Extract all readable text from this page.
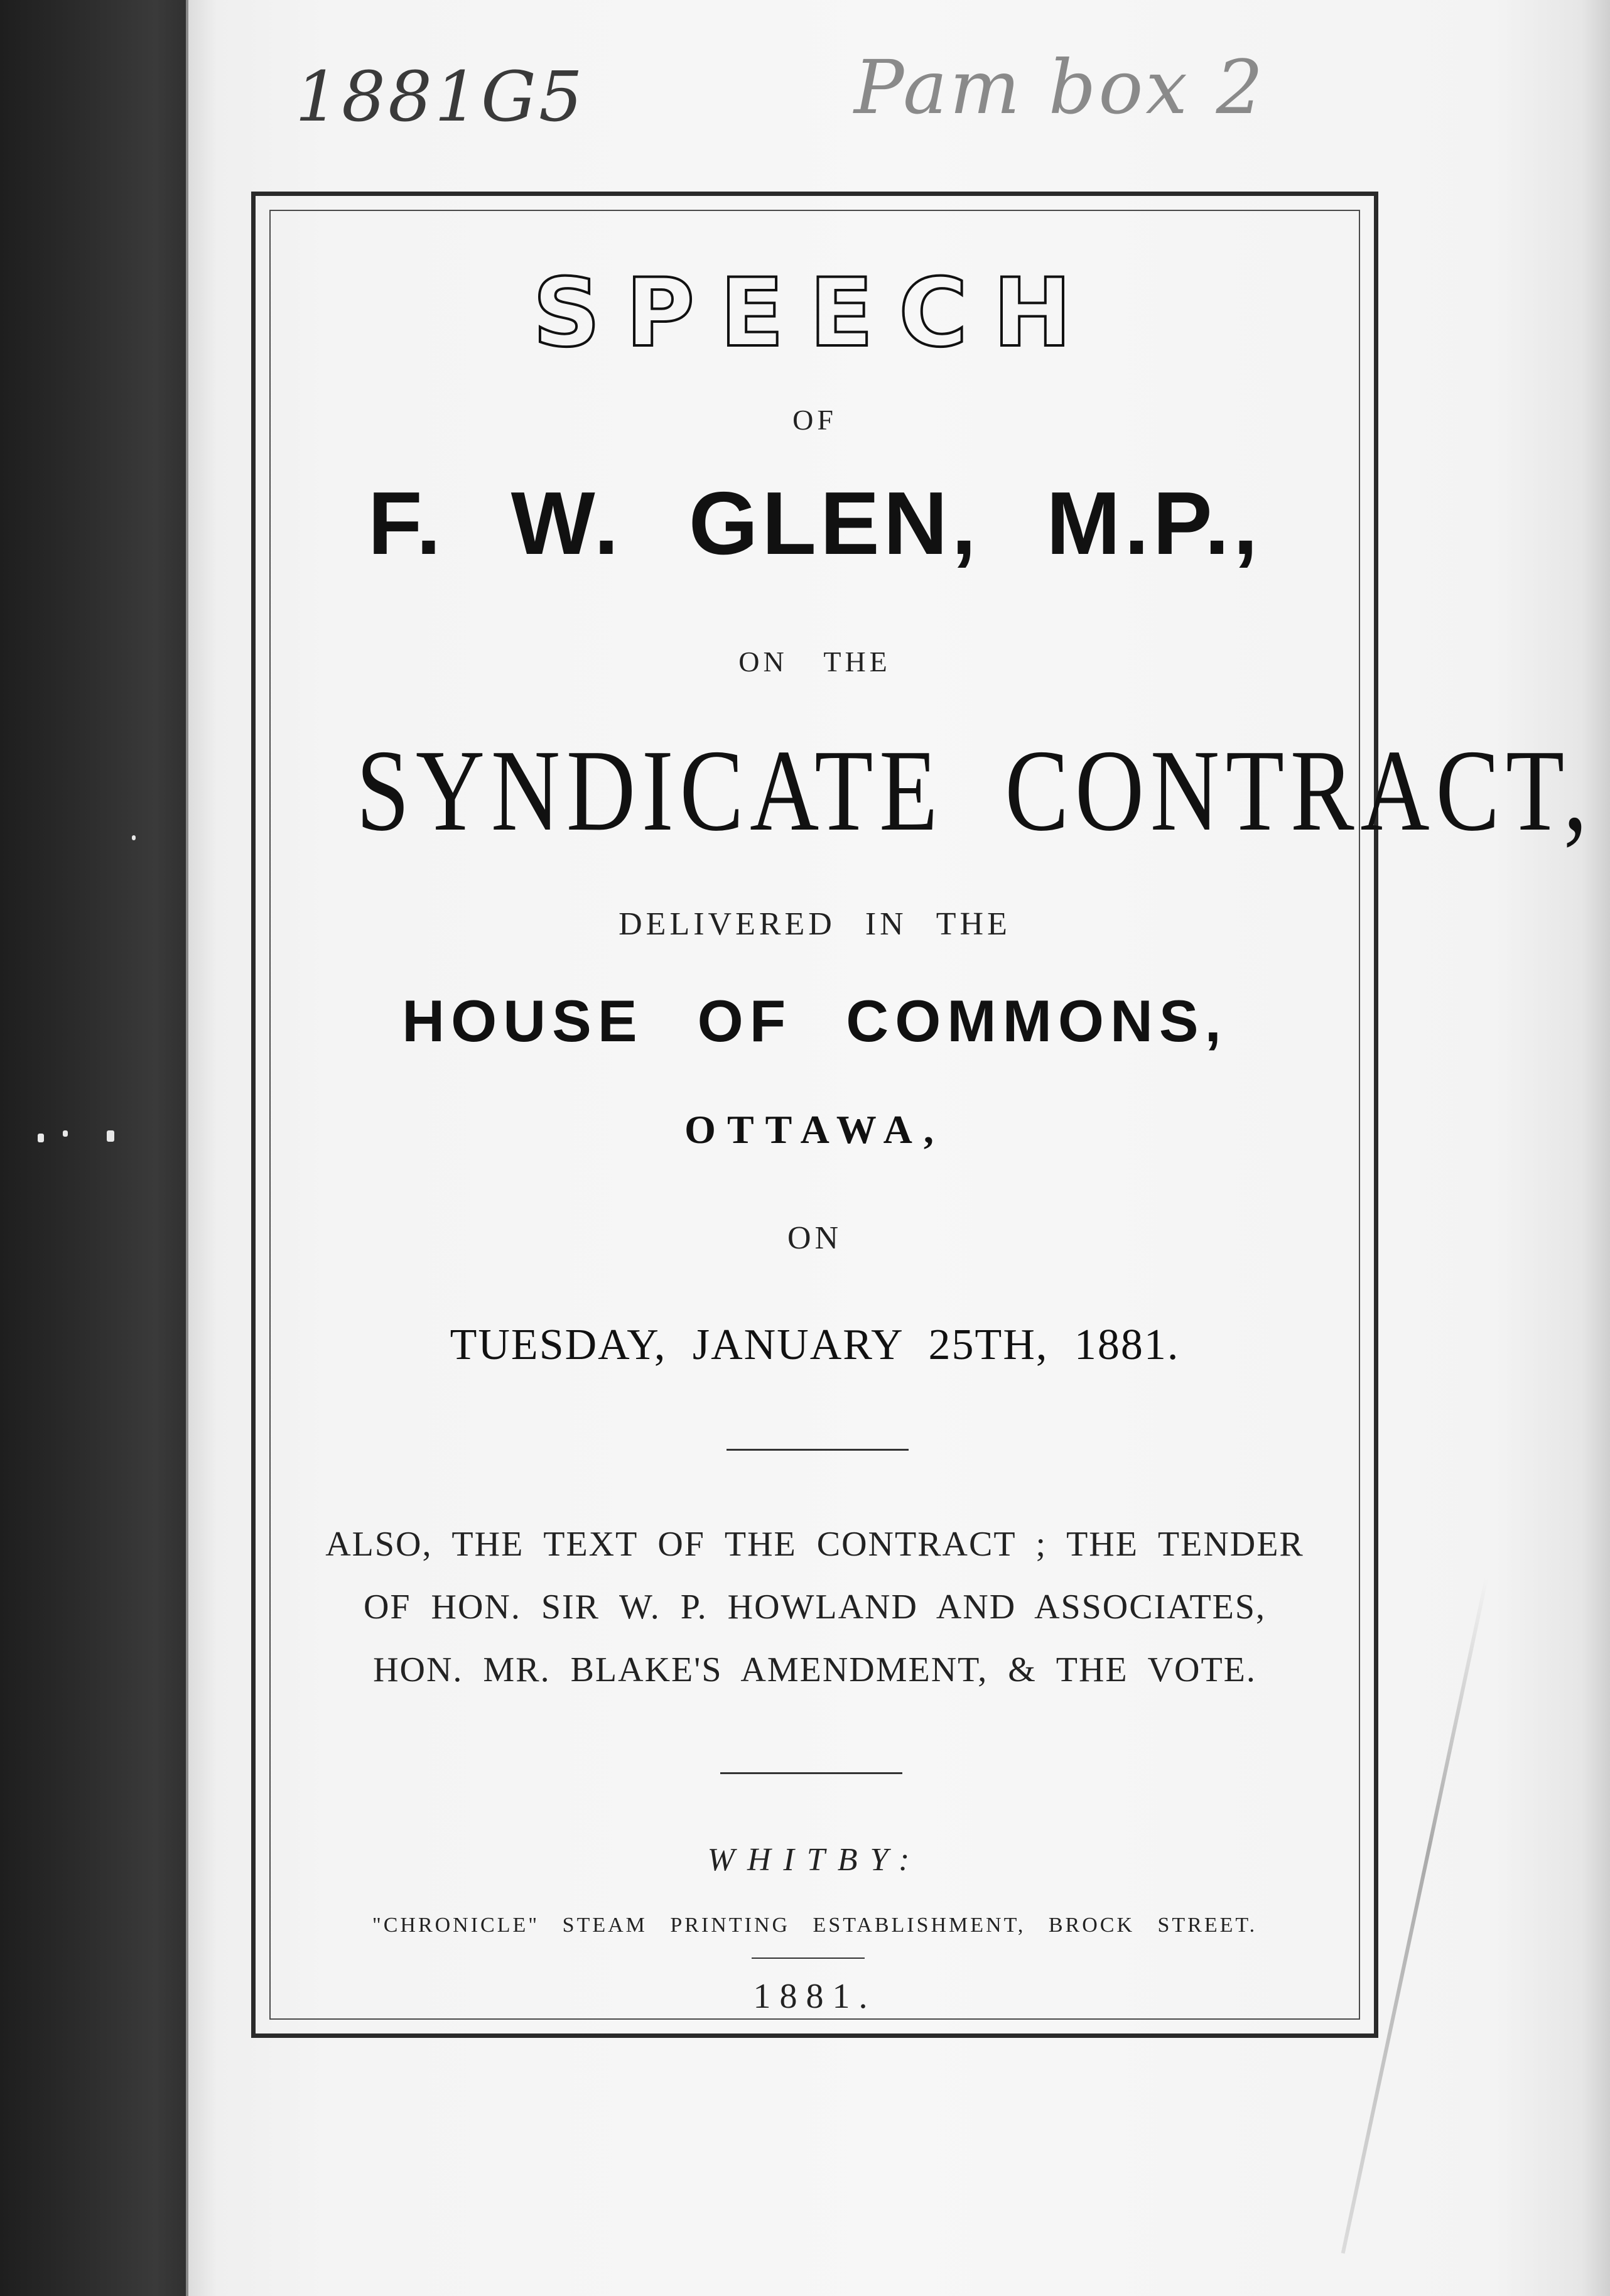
1881G5	Pam box 2
SPEECH
OF
F. W. GLEN, M.P.,
ON THE
SYNDICATE CONTRACT,
DELIVERED IN THE
HOUSE OF COMMONS,
OTTAWA,
ON
TUESDAY, JANUARY 25TH, 1881.
ALSO, THE TEXT OF THE CONTRACT ; THE TENDER
OF HON. SIR W. P. HOWLAND AND ASSOCIATES,
HON. MR. BLAKE'S AMENDMENT, & THE VOTE.
WHITBY:
"CHRONICLE" STEAM PRINTING ESTABLISHMENT, BROCK STREET.
1881.
